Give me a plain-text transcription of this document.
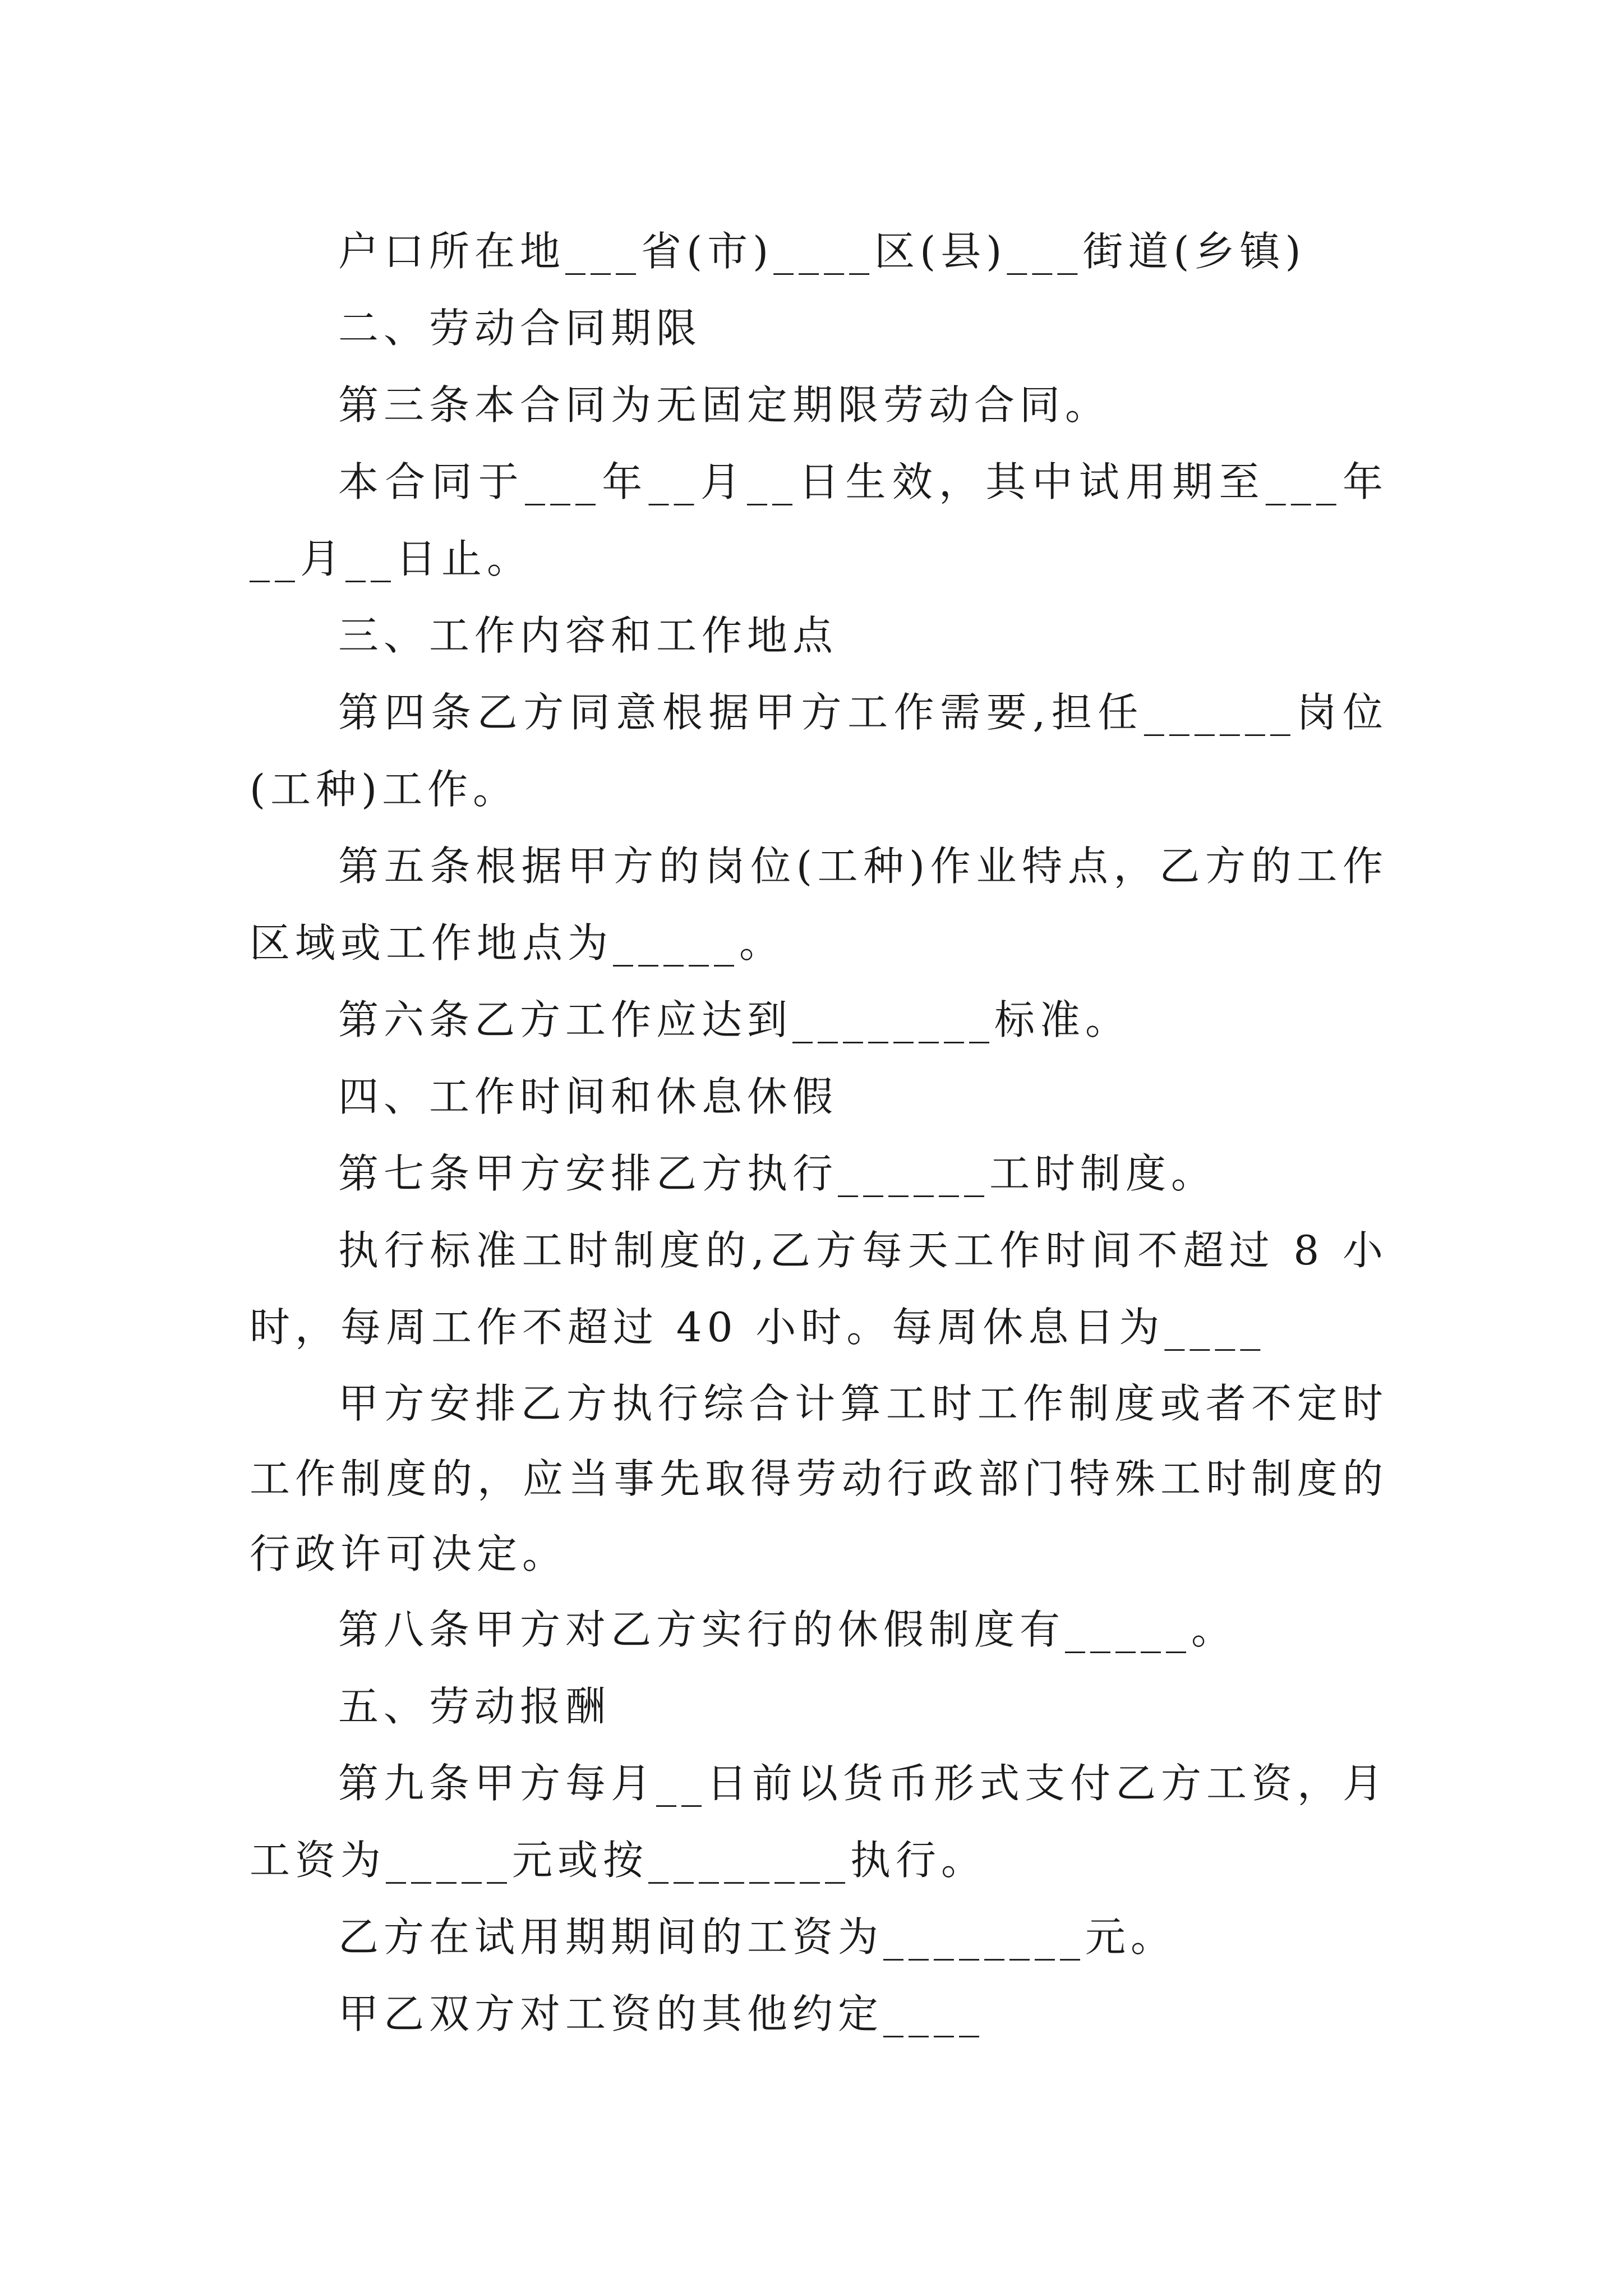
户口所在地___省(市)____区(县)___街道(乡镇)

二、劳动合同期限

第三条本合同为无固定期限劳动合同。

本合同于___年__月__日生效，其中试用期至___年__月__日止。

三、工作内容和工作地点

第四条乙方同意根据甲方工作需要,担任______岗位(工种)工作。

第五条根据甲方的岗位(工种)作业特点，乙方的工作区域或工作地点为_____。

第六条乙方工作应达到________标准。

四、工作时间和休息休假

第七条甲方安排乙方执行______工时制度。

执行标准工时制度的,乙方每天工作时间不超过 8 小时，每周工作不超过 40 小时。每周休息日为____

甲方安排乙方执行综合计算工时工作制度或者不定时工作制度的，应当事先取得劳动行政部门特殊工时制度的行政许可决定。

第八条甲方对乙方实行的休假制度有_____。

五、劳动报酬

第九条甲方每月__日前以货币形式支付乙方工资，月工资为_____元或按________执行。

乙方在试用期期间的工资为________元。

甲乙双方对工资的其他约定____
